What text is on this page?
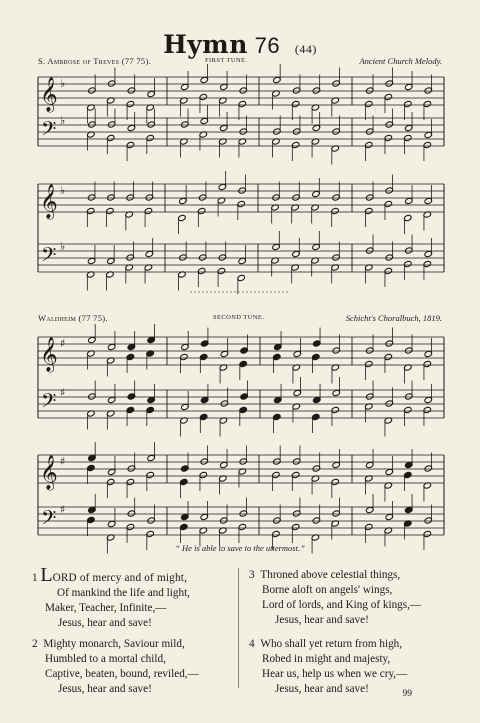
Hymn 76 (44)
S. Ambrose of Treves (77 75).	FIRST TUNE.	Ancient Church Melody.
Waldheim (77 75).	SECOND TUNE.	Schicht's Choralbuch, 1819.
𝄞
𝄢
♭
♭
𝄞
𝄢
♭
♭
𝄞
𝄢
♯
♯
𝄞
𝄢
♯
♯
“ He is able to save to the uttermost.”
1 LORD of mercy and of might,
Of mankind the life and light,
Maker, Teacher, Infinite,—
Jesus, hear and save!
2 Mighty monarch, Saviour mild,
Humbled to a mortal child,
Captive, beaten, bound, reviled,—
Jesus, hear and save!
3 Throned above celestial things,
Borne aloft on angels' wings,
Lord of lords, and King of kings,—
Jesus, hear and save!
4 Who shall yet return from high,
Robed in might and majesty,
Hear us, help us when we cry,—
Jesus, hear and save!	99
